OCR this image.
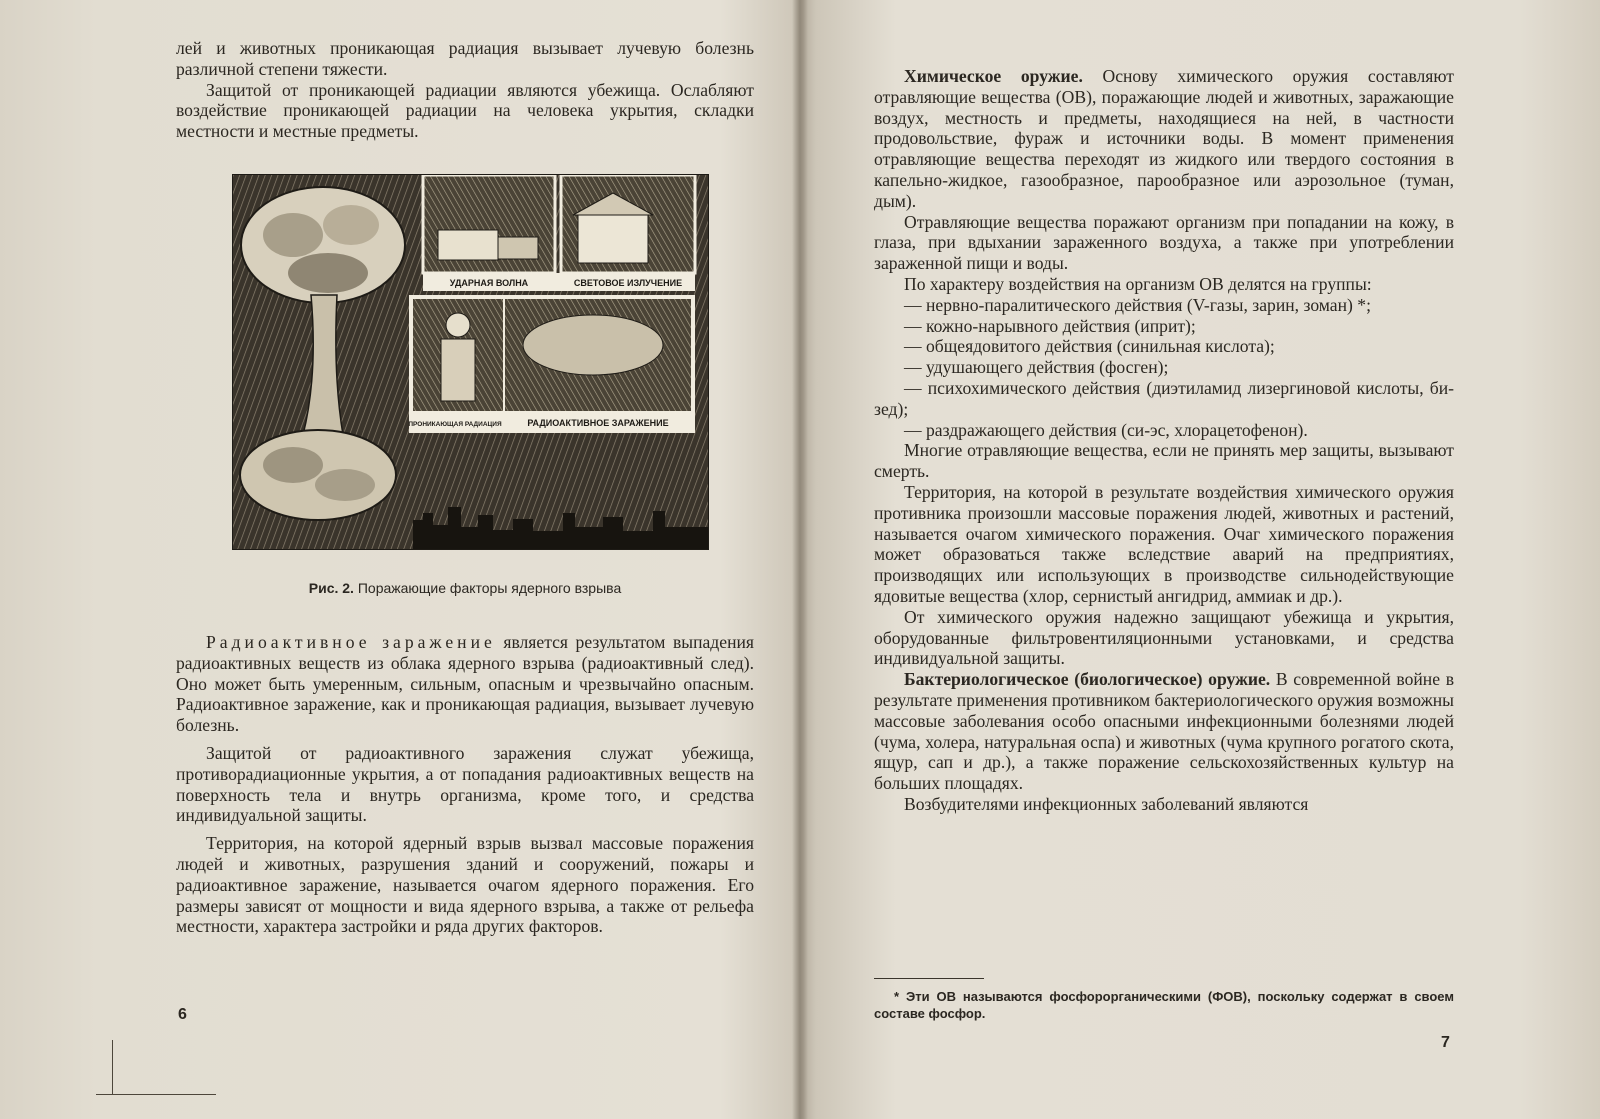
лей и животных проникающая радиация вызывает лучевую болезнь различной степени тяжести.

Защитой от проникающей радиации являются убежища. Ослабляют воздействие проникающей радиации на человека укрытия, складки местности и местные предметы.

УДАРНАЯ ВОЛНА	СВЕТОВОЕ ИЗЛУЧЕНИЕ
ПРОНИКАЮЩАЯ РАДИАЦИЯ	РАДИОАКТИВНОЕ ЗАРАЖЕНИЕ
Рис. 2. Поражающие факторы ядерного взрыва

Радиоактивное заражение является результатом выпадения радиоактивных веществ из облака ядерного взрыва (радиоактивный след). Оно может быть умеренным, сильным, опасным и чрезвычайно опасным. Радиоактивное заражение, как и проникающая радиация, вызывает лучевую болезнь.

Защитой от радиоактивного заражения служат убежища, противорадиационные укрытия, а от попадания радиоактивных веществ на поверхность тела и внутрь организма, кроме того, и средства индивидуальной защиты.

Территория, на которой ядерный взрыв вызвал массовые поражения людей и животных, разрушения зданий и сооружений, пожары и радиоактивное заражение, называется очагом ядерного поражения. Его размеры зависят от мощности и вида ядерного взрыва, а также от рельефа местности, характера застройки и ряда других факторов.

6

Химическое оружие. Основу химического оружия составляют отравляющие вещества (ОВ), поражающие людей и животных, заражающие воздух, местность и предметы, находящиеся на ней, в частности продовольствие, фураж и источники воды. В момент применения отравляющие вещества переходят из жидкого или твердого состояния в капельно-жидкое, газообразное, парообразное или аэрозольное (туман, дым).

Отравляющие вещества поражают организм при попадании на кожу, в глаза, при вдыхании зараженного воздуха, а также при употреблении зараженной пищи и воды.

По характеру воздействия на организм ОВ делятся на группы:

— нервно-паралитического действия (V-газы, зарин, зоман) *;

— кожно-нарывного действия (иприт);

— общеядовитого действия (синильная кислота);

— удушающего действия (фосген);

— психохимического действия (диэтиламид лизергиновой кислоты, би-зед);

— раздражающего действия (си-эс, хлорацетофенон).

Многие отравляющие вещества, если не принять мер защиты, вызывают смерть.

Территория, на которой в результате воздействия химического оружия противника произошли массовые поражения людей, животных и растений, называется очагом химического поражения. Очаг химического поражения может образоваться также вследствие аварий на предприятиях, производящих или использующих в производстве сильнодействующие ядовитые вещества (хлор, сернистый ангидрид, аммиак и др.).

От химического оружия надежно защищают убежища и укрытия, оборудованные фильтровентиляционными установками, и средства индивидуальной защиты.

Бактериологическое (биологическое) оружие. В современной войне в результате применения противником бактериологического оружия возможны массовые заболевания особо опасными инфекционными болезнями людей (чума, холера, натуральная оспа) и животных (чума крупного рогатого скота, ящур, сап и др.), а также поражение сельскохозяйственных культур на больших площадях.

Возбудителями инфекционных заболеваний являются

* Эти ОВ называются фосфорорганическими (ФОВ), поскольку содержат в своем составе фосфор.
7
